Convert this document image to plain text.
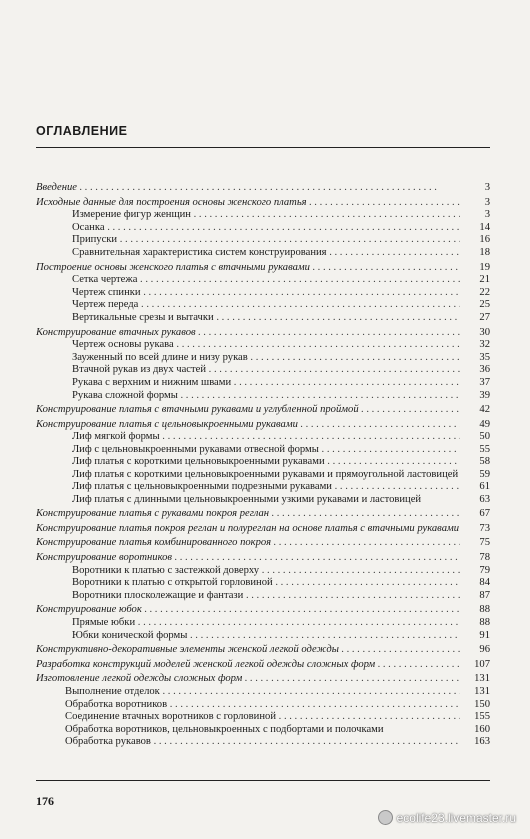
ОГЛАВЛЕНИЕ
Введение . . .	3
Исходные данные для построения основы женского платья . . .	3
Измерение фигур женщин . . .	3
Осанка . . .	14
Припуски . . .	16
Сравнительная характеристика систем конструирования . . .	18
Построение основы женского платья с втачными рукавами . . .	19
Сетка чертежа . . .	21
Чертеж спинки . . .	22
Чертеж переда . . .	25
Вертикальные срезы и вытачки . . .	27
Конструирование втачных рукавов . . .	30
Чертеж основы рукава . . .	32
Зауженный по всей длине и низу рукав . . .	35
Втачной рукав из двух частей . . .	36
Рукава с верхним и нижним швами . . .	37
Рукава сложной формы . . .	39
Конструирование платья с втачными рукавами и углубленной проймой . . .	42
Конструирование платья с цельновыкроенными рукавами . . .	49
Лиф мягкой формы . . .	50
Лиф с цельновыкроенными рукавами отвесной формы . . .	55
Лиф платья с короткими цельновыкроенными рукавами . . .	58
Лиф платья с короткими цельновыкроенными рукавами и прямоугольной ластовицей 59
Лиф платья с цельновыкроенными подрезными рукавами . . .	61
Лиф платья с длинными цельновыкроенными узкими рукавами и ластовицей	63
Конструирование платья с рукавами покроя реглан . . .	67
Конструирование платья покроя реглан и полуреглан на основе платья с втачными рукавами 73
Конструирование платья комбинированного покроя . . .	75
Конструирование воротников . . .	78
Воротники к платью с застежкой доверху . . .	79
Воротники к платью с открытой горловиной . . .	84
Воротники плосколежащие и фантази . . .	87
Конструирование юбок . . .	88
Прямые юбки . . .	88
Юбки конической формы . . .	91
Конструктивно-декоративные элементы женской легкой одежды . . .	96
Разработка конструкций моделей женской легкой одежды сложных форм . . .	107
Изготовление легкой одежды сложных форм . . .	131
Выполнение отделок . . .	131
Обработка воротников . . .	150
Соединение втачных воротников с горловиной . . .	155
Обработка воротников, цельновыкроенных с подбортами и полочками	160
Обработка рукавов . . .	163
176
ecolife23.livemaster.ru
